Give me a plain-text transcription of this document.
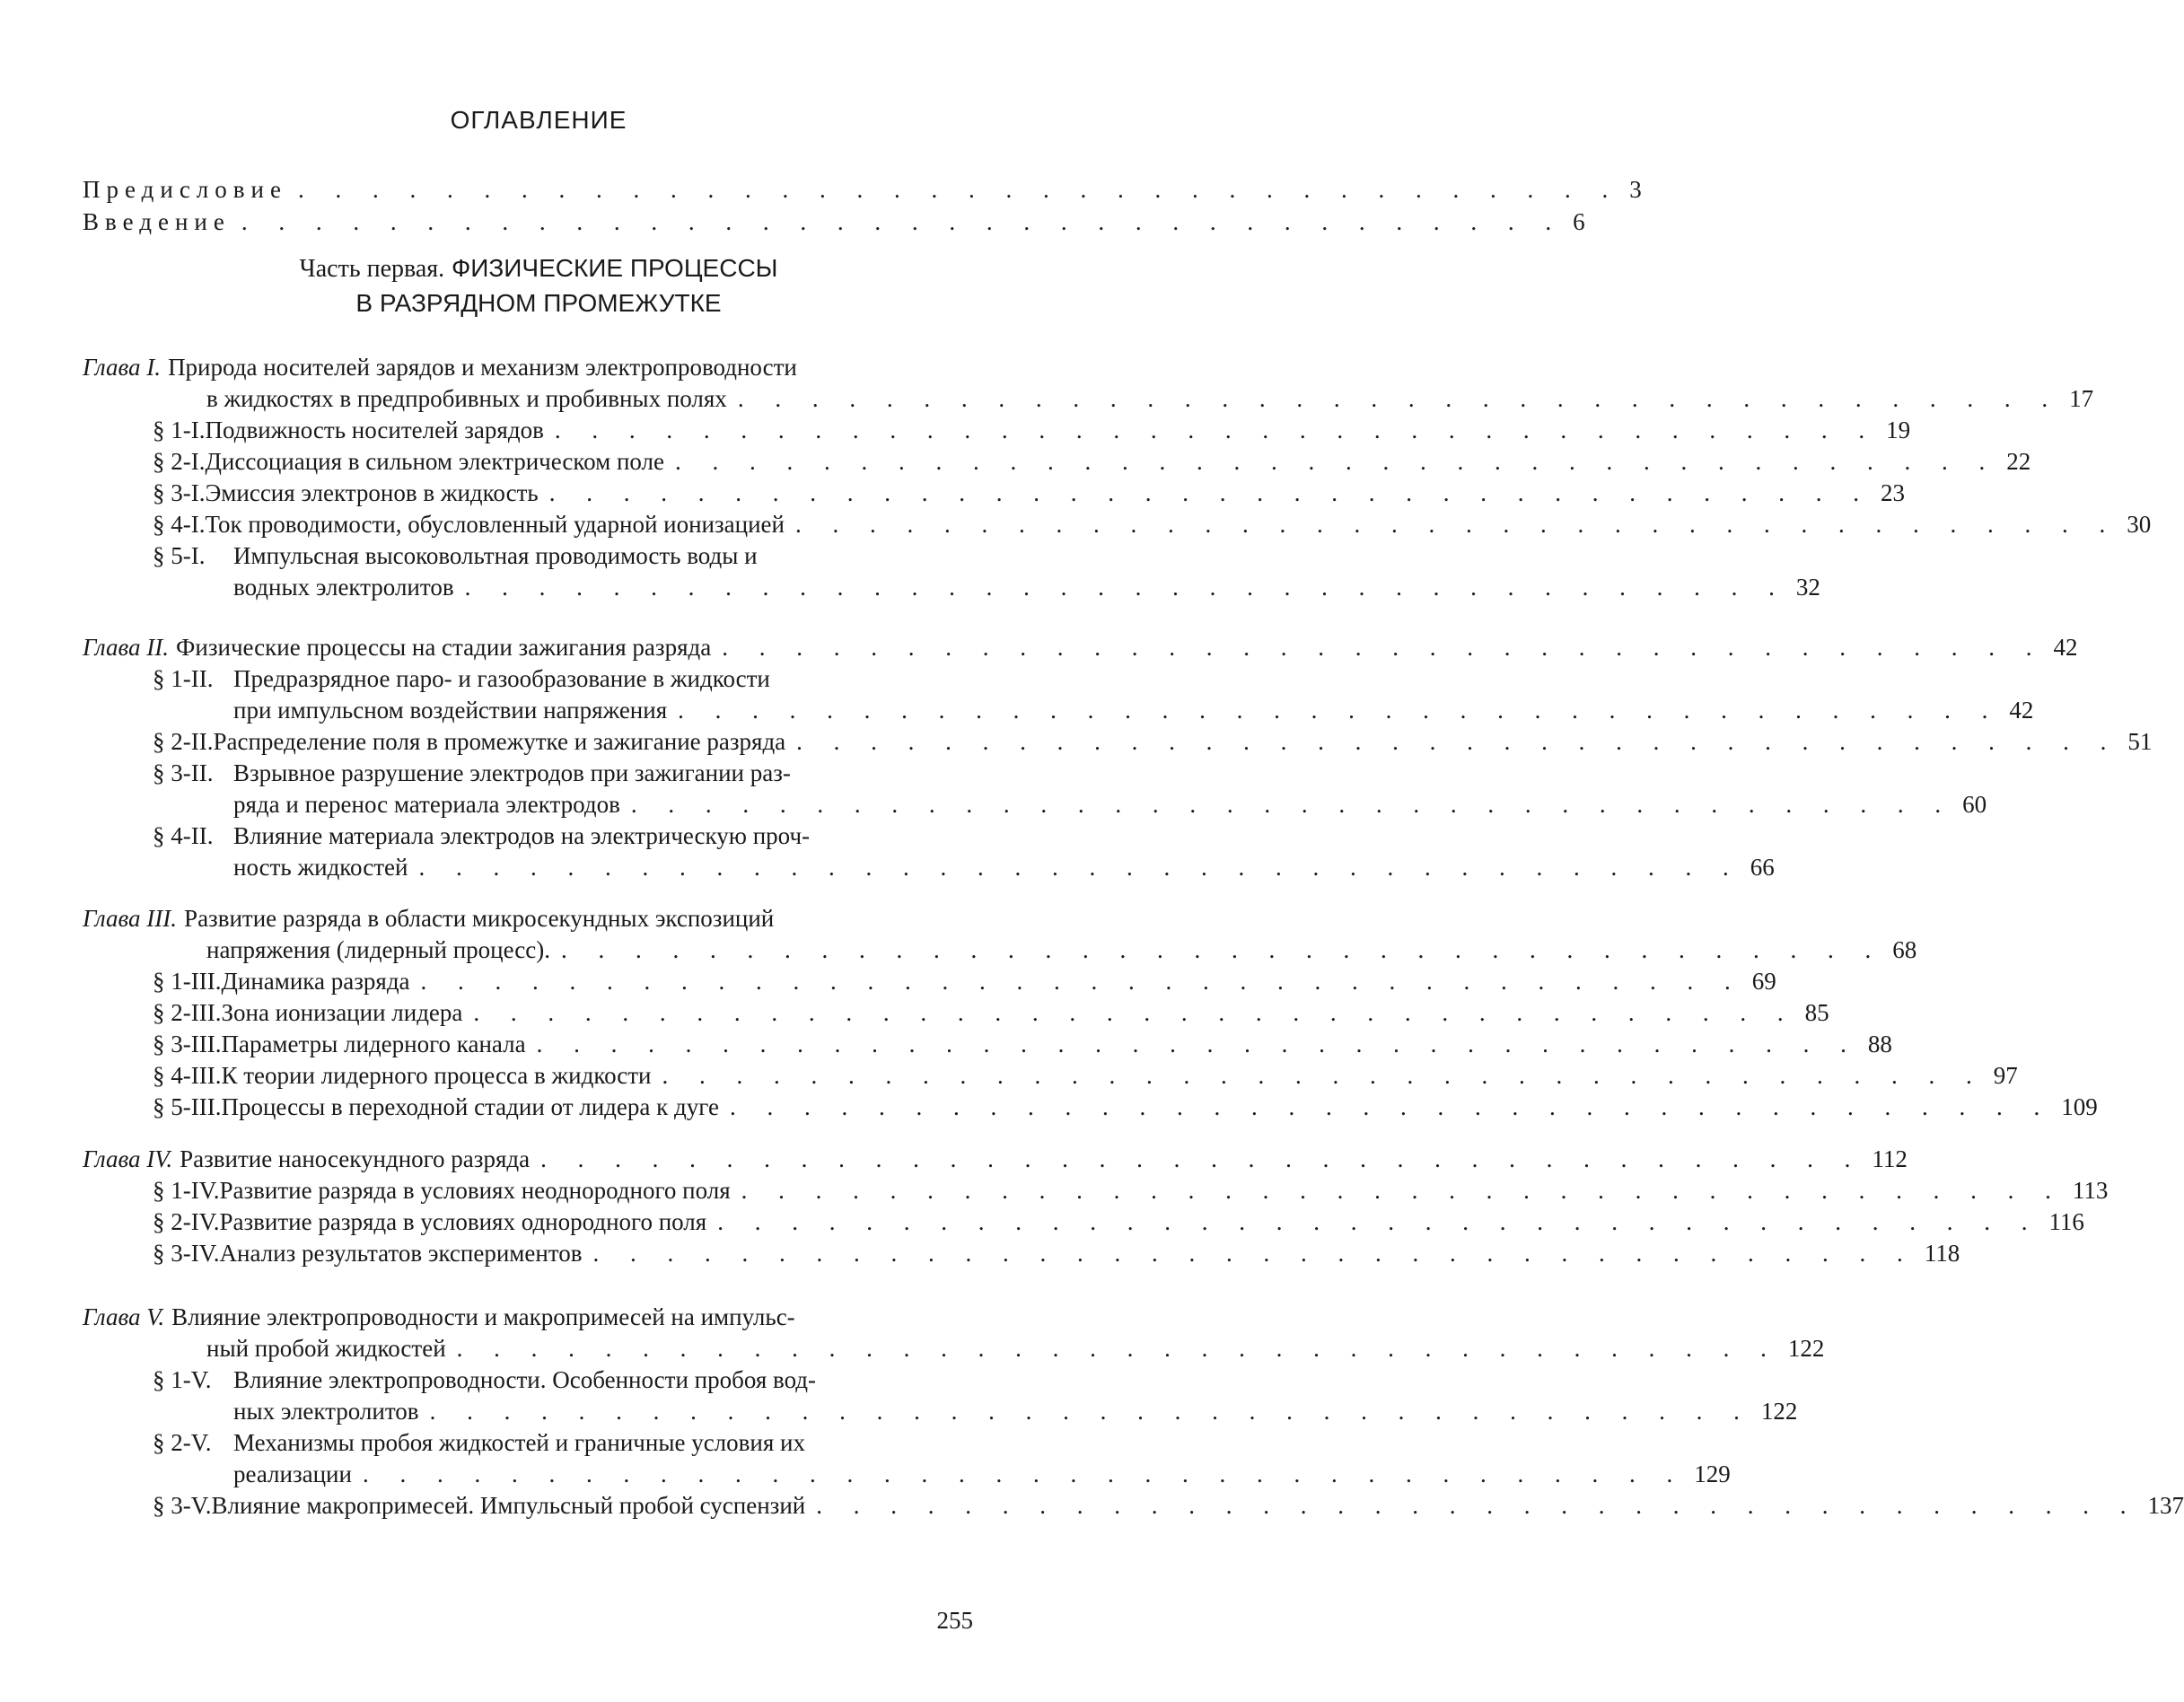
ОГЛАВЛЕНИЕ
Предисловие . . . . . . . . . . . . . . . . . . . . . . . . . . . . . . . . . . . . 3
Введение . . . . . . . . . . . . . . . . . . . . . . . . . . . . . . . . . . . . 6
Часть первая. ФИЗИЧЕСКИЕ ПРОЦЕССЫ
В РАЗРЯДНОМ ПРОМЕЖУТКЕ
Глава I. Природа носителей зарядов и механизм электропроводности
в жидкостях в предпробивных и пробивных полях . . . . . . . . . . . . . . . . . . . . . . . . . . . . . . . . . . . . 17
§ 1-I. Подвижность носителей зарядов . . . . . . . . . . . . . . . . . . . . . . . . . . . . . . . . . . . . 19
§ 2-I. Диссоциация в сильном электрическом поле . . . . . . . . . . . . . . . . . . . . . . . . . . . . . . . . . . . . 22
§ 3-I. Эмиссия электронов в жидкость . . . . . . . . . . . . . . . . . . . . . . . . . . . . . . . . . . . . 23
§ 4-I. Ток проводимости, обусловленный ударной ионизацией . . . . . . . . . . . . . . . . . . . . . . . . . . . . . . . . . . . . 30
§ 5-I.	Импульсная высоковольтная проводимость воды и
водных электролитов . . . . . . . . . . . . . . . . . . . . . . . . . . . . . . . . . . . . 32
Глава II. Физические процессы на стадии зажигания разряда . . . . . . . . . . . . . . . . . . . . . . . . . . . . . . . . . . . . 42
§ 1-II. Предразрядное паро- и газообразование в жидкости
при импульсном воздействии напряжения . . . . . . . . . . . . . . . . . . . . . . . . . . . . . . . . . . . . 42
§ 2-II. Распределение поля в промежутке и зажигание разряда . . . . . . . . . . . . . . . . . . . . . . . . . . . . . . . . . . . . 51
§ 3-II. Взрывное разрушение электродов при зажигании раз-
ряда и перенос материала электродов . . . . . . . . . . . . . . . . . . . . . . . . . . . . . . . . . . . . 60
§ 4-II. Влияние материала электродов на электрическую проч-
ность жидкостей . . . . . . . . . . . . . . . . . . . . . . . . . . . . . . . . . . . . 66
Глава III. Развитие разряда в области микросекундных экспозиций
напряжения (лидерный процесс). . . . . . . . . . . . . . . . . . . . . . . . . . . . . . . . . . . . . 68
§ 1-III. Динамика разряда . . . . . . . . . . . . . . . . . . . . . . . . . . . . . . . . . . . . 69
§ 2-III. Зона ионизации лидера . . . . . . . . . . . . . . . . . . . . . . . . . . . . . . . . . . . . 85
§ 3-III. Параметры лидерного канала . . . . . . . . . . . . . . . . . . . . . . . . . . . . . . . . . . . . 88
§ 4-III. К теории лидерного процесса в жидкости . . . . . . . . . . . . . . . . . . . . . . . . . . . . . . . . . . . . 97
§ 5-III. Процессы в переходной стадии от лидера к дуге . . . . . . . . . . . . . . . . . . . . . . . . . . . . . . . . . . . . 109
Глава IV. Развитие наносекундного разряда . . . . . . . . . . . . . . . . . . . . . . . . . . . . . . . . . . . . 112
§ 1-IV. Развитие разряда в условиях неоднородного поля . . . . . . . . . . . . . . . . . . . . . . . . . . . . . . . . . . . . 113
§ 2-IV. Развитие разряда в условиях однородного поля . . . . . . . . . . . . . . . . . . . . . . . . . . . . . . . . . . . . 116
§ 3-IV. Анализ результатов экспериментов . . . . . . . . . . . . . . . . . . . . . . . . . . . . . . . . . . . . 118
Глава V. Влияние электропроводности и макропримесей на импульс-
ный пробой жидкостей . . . . . . . . . . . . . . . . . . . . . . . . . . . . . . . . . . . . 122
§ 1-V. Влияние электропроводности. Особенности пробоя вод-
ных электролитов . . . . . . . . . . . . . . . . . . . . . . . . . . . . . . . . . . . . 122
§ 2-V. Механизмы пробоя жидкостей и граничные условия их
реализации . . . . . . . . . . . . . . . . . . . . . . . . . . . . . . . . . . . . 129
§ 3-V. Влияние макропримесей. Импульсный пробой суспензий . . . . . . . . . . . . . . . . . . . . . . . . . . . . . . . . . . . . 137
255
